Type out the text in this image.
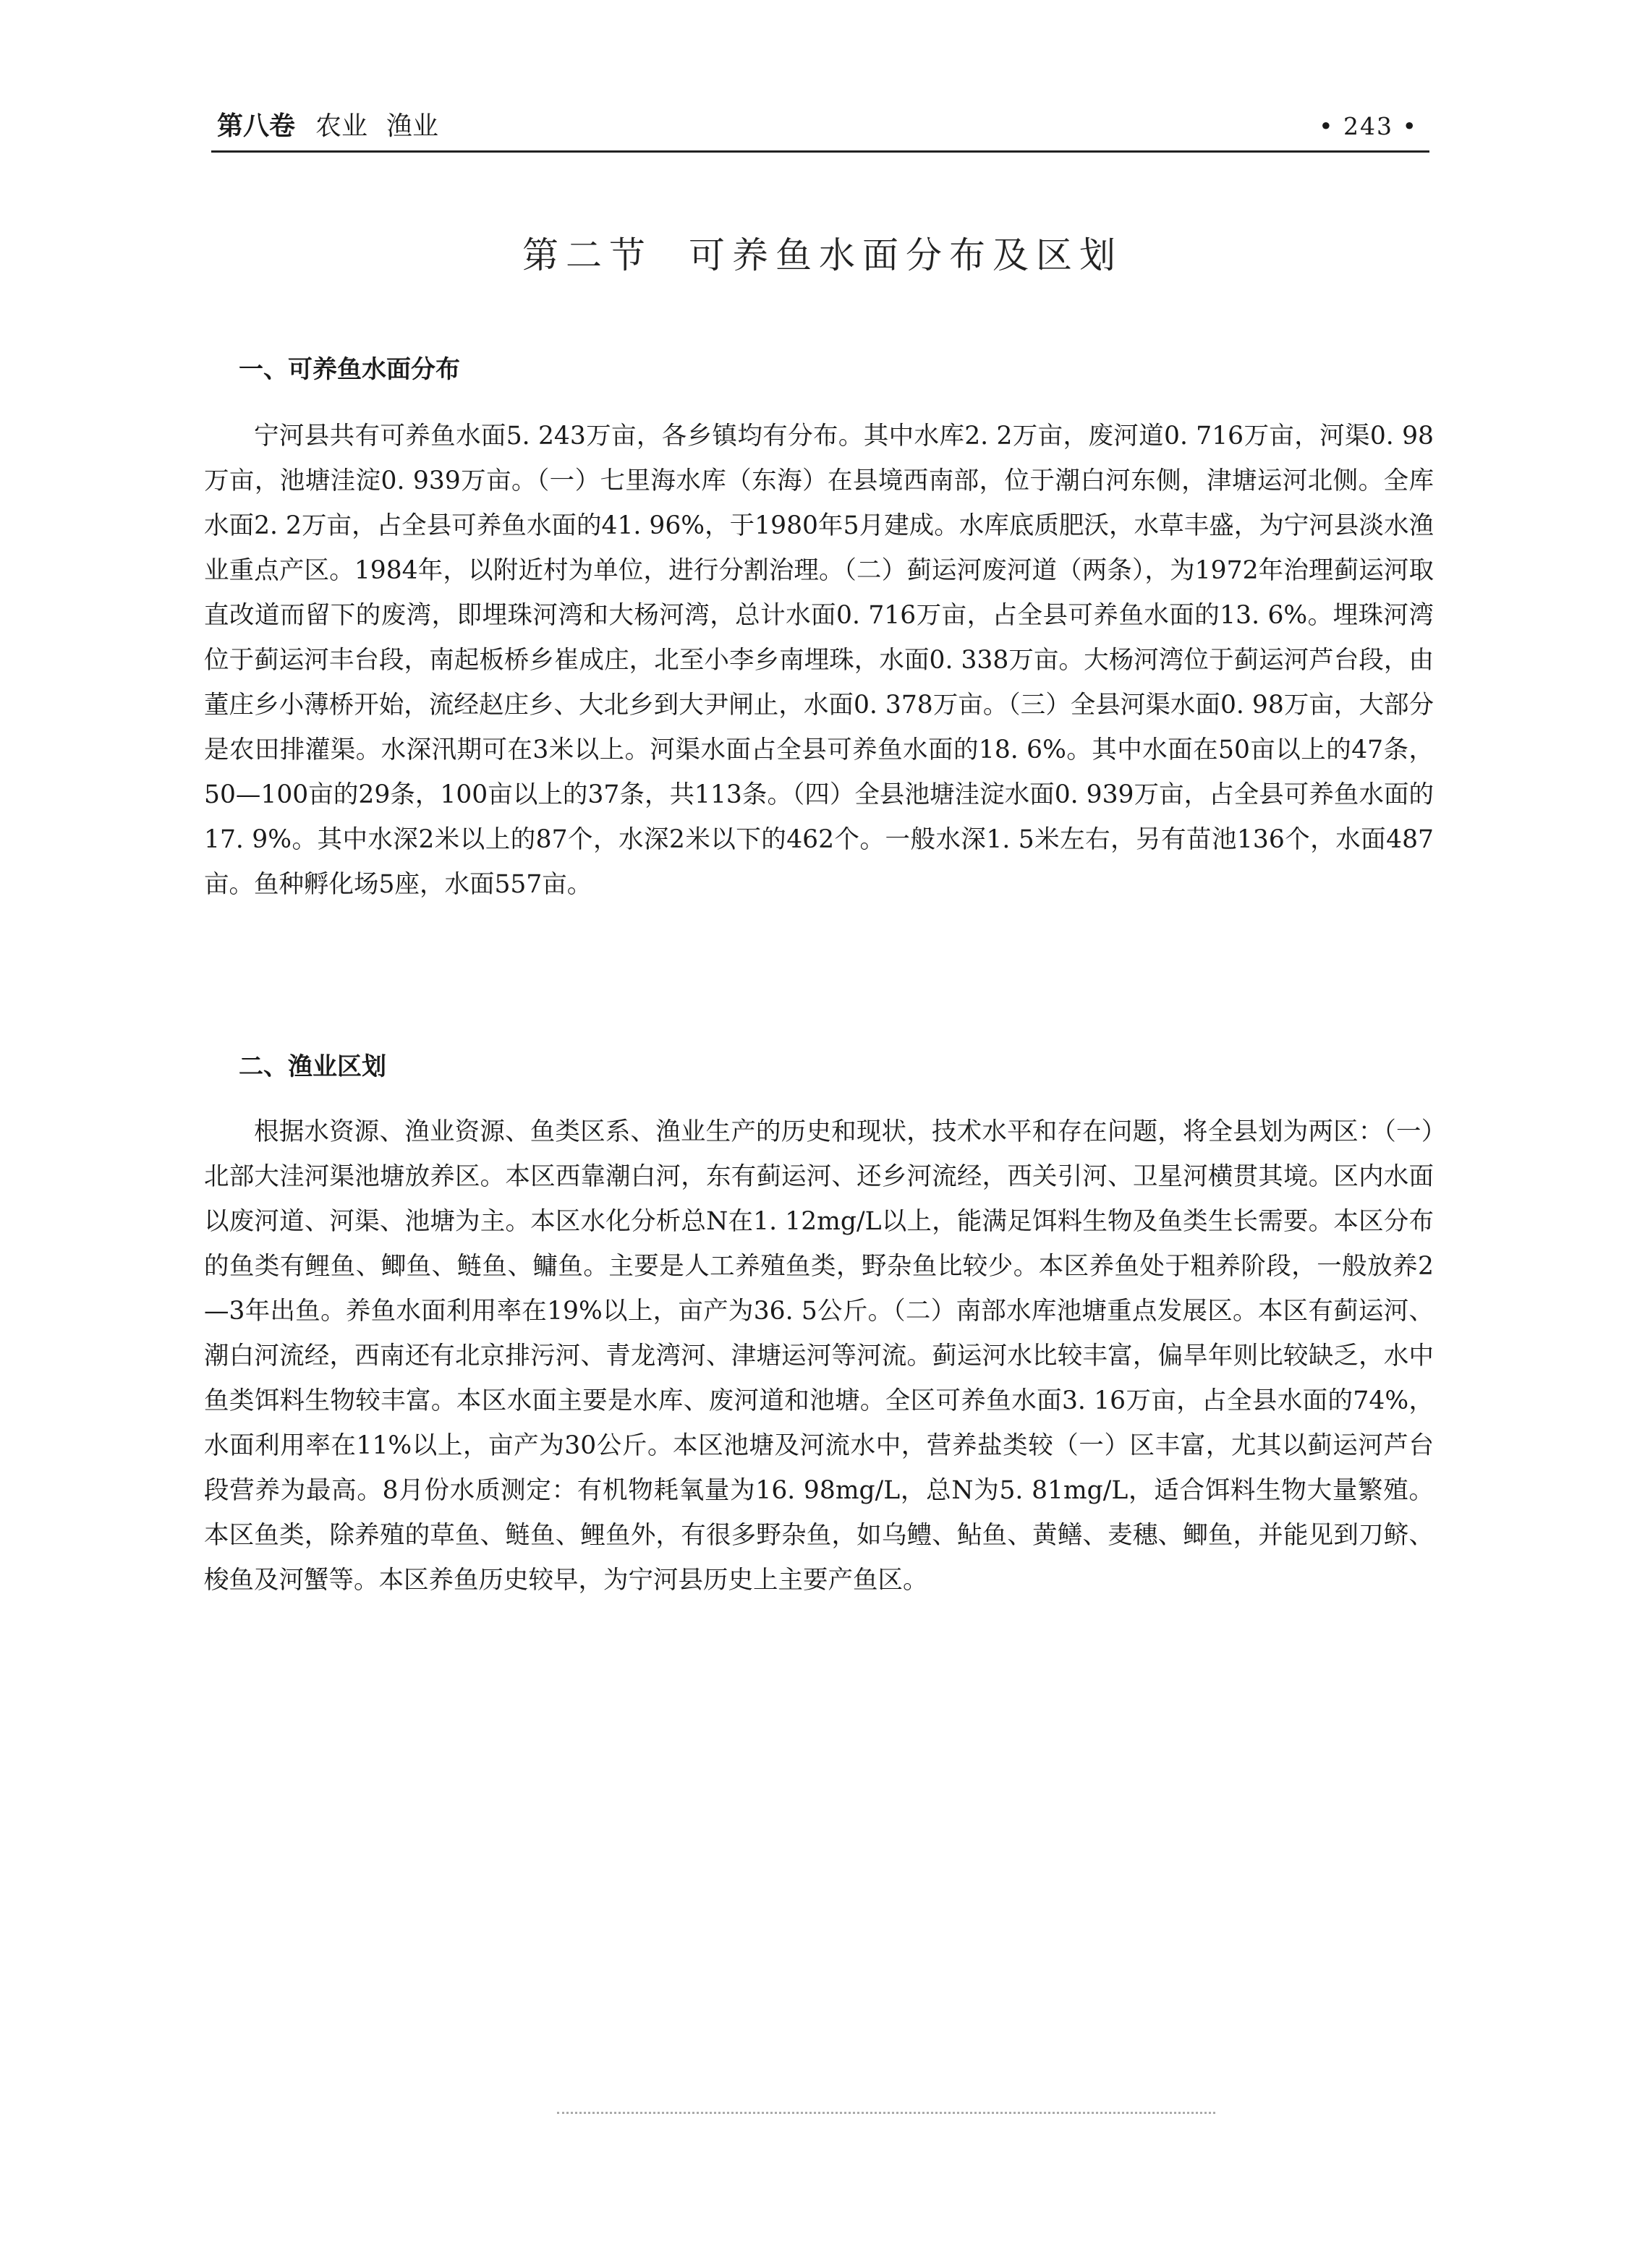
第八卷 农业 渔业	• 243 •
第二节 可养鱼水面分布及区划
一、可养鱼水面分布

宁河县共有可养鱼水面5. 243万亩，各乡镇均有分布。其中水库2. 2万亩，废河道0. 716万亩，河渠0. 98万亩，池塘洼淀0. 939万亩。（一）七里海水库（东海）在县境西南部，位于潮白河东侧，津塘运河北侧。全库水面2. 2万亩，占全县可养鱼水面的41. 96%，于1980年5月建成。水库底质肥沃，水草丰盛，为宁河县淡水渔业重点产区。1984年，以附近村为单位，进行分割治理。（二）蓟运河废河道（两条），为1972年治理蓟运河取直改道而留下的废湾，即埋珠河湾和大杨河湾，总计水面0. 716万亩，占全县可养鱼水面的13. 6%。埋珠河湾位于蓟运河丰台段，南起板桥乡崔成庄，北至小李乡南埋珠，水面0. 338万亩。大杨河湾位于蓟运河芦台段，由董庄乡小薄桥开始，流经赵庄乡、大北乡到大尹闸止，水面0. 378万亩。（三）全县河渠水面0. 98万亩，大部分是农田排灌渠。水深汛期可在3米以上。河渠水面占全县可养鱼水面的18. 6%。其中水面在50亩以上的47条，50—100亩的29条，100亩以上的37条，共113条。（四）全县池塘洼淀水面0. 939万亩，占全县可养鱼水面的17. 9%。其中水深2米以上的87个，水深2米以下的462个。一般水深1. 5米左右，另有苗池136个，水面487亩。鱼种孵化场5座，水面557亩。

二、渔业区划

根据水资源、渔业资源、鱼类区系、渔业生产的历史和现状，技术水平和存在问题，将全县划为两区：（一）北部大洼河渠池塘放养区。本区西靠潮白河，东有蓟运河、还乡河流经，西关引河、卫星河横贯其境。区内水面以废河道、河渠、池塘为主。本区水化分析总N在1. 12mg/L以上，能满足饵料生物及鱼类生长需要。本区分布的鱼类有鲤鱼、鲫鱼、鲢鱼、鳙鱼。主要是人工养殖鱼类，野杂鱼比较少。本区养鱼处于粗养阶段，一般放养2—3年出鱼。养鱼水面利用率在19%以上，亩产为36. 5公斤。（二）南部水库池塘重点发展区。本区有蓟运河、潮白河流经，西南还有北京排污河、青龙湾河、津塘运河等河流。蓟运河水比较丰富，偏旱年则比较缺乏，水中鱼类饵料生物较丰富。本区水面主要是水库、废河道和池塘。全区可养鱼水面3. 16万亩，占全县水面的74%，水面利用率在11%以上，亩产为30公斤。本区池塘及河流水中，营养盐类较（一）区丰富，尤其以蓟运河芦台段营养为最高。8月份水质测定：有机物耗氧量为16. 98mg/L，总N为5. 81mg/L，适合饵料生物大量繁殖。本区鱼类，除养殖的草鱼、鲢鱼、鲤鱼外，有很多野杂鱼，如乌鳢、鲇鱼、黄鳝、麦穗、鲫鱼，并能见到刀鲚、梭鱼及河蟹等。本区养鱼历史较早，为宁河县历史上主要产鱼区。
